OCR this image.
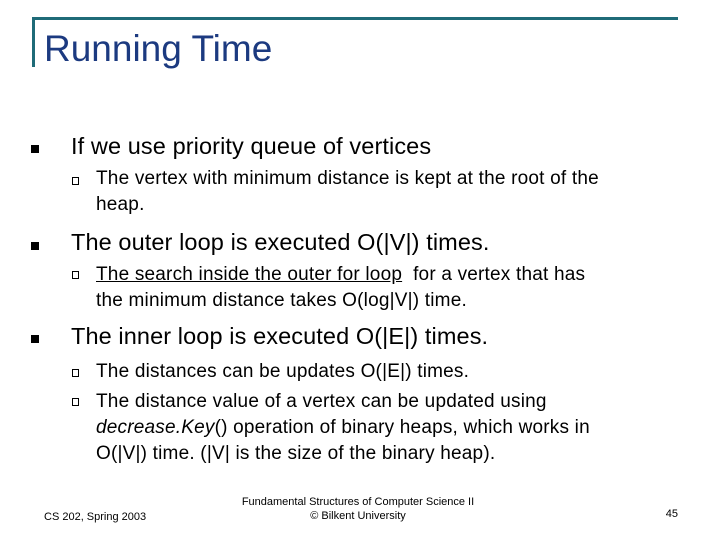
Running Time
If we use priority queue of vertices
The vertex with minimum distance is kept at the root of the
heap.
The outer loop is executed O(|V|) times.
The search inside the outer for loop  for a vertex that has
the minimum distance takes O(log|V|) time.
The inner loop is executed O(|E|) times.
The distances can be updates O(|E|) times.
The distance value of a vertex can be updated using
decrease.Key() operation of binary heaps, which works in
O(|V|) time. (|V| is the size of the binary heap).
CS 202, Spring 2003
Fundamental Structures of Computer Science II
© Bilkent University	45
